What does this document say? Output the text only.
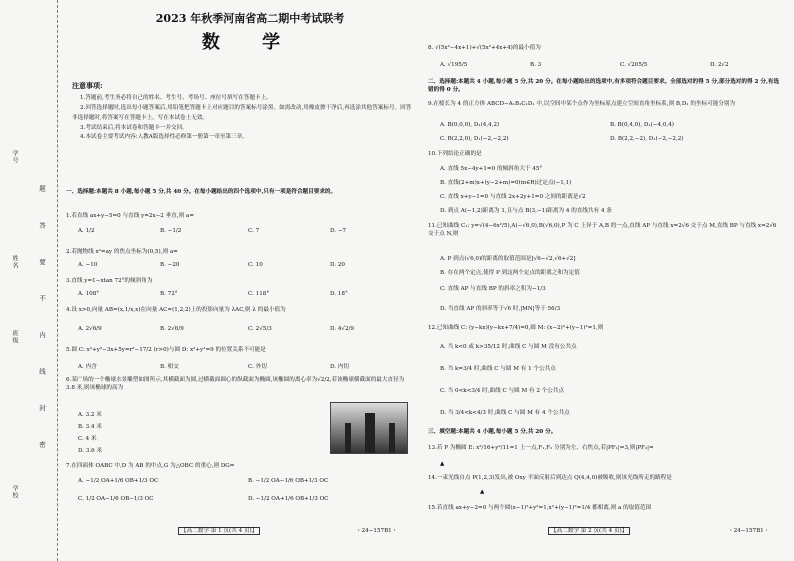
学号
姓名
班级
学校
题 答 要 不 内 线 封 密
2023 年秋季河南省高二期中考试联考
数 学
注意事项:

1.答题前,考生务必将自己的姓名、考生号、考场号、座位号填写在答题卡上。

2.回答选择题时,选出每小题答案后,用铅笔把答题卡上对应题目的答案标号涂黑。如需改动,用橡皮擦干净后,再选涂其他答案标号。回答非选择题时,将答案写在答题卡上。写在本试卷上无效。

3.考试结束后,将本试卷和答题卡一并交回。

4.本试卷主要考试内容:人教A版选择性必修第一册第一章至第三章。

一、选择题:本题共 8 小题,每小题 5 分,共 40 分。在每小题给出的四个选项中,只有一项是符合题目要求的。
1.若直线 ax+y−5=0 与直线 y=2x−2 垂直,则 a=
A. 1/2	B. −1/2	C. 7	D. −7
2.若抛物线 x²=ay 的焦点坐标为(0,5),则 a=
A. −10	B. −20	C. 10	D. 20
3.直线 y=1−xtan 72°的倾斜角为
A. 108°	B. 72°	C. 118°	D. 18°
4.设 x>0,向量 AB=(x,1/x,x)在向量 AC=(1,2,2)上的投影向量为 λAC,则 λ 的最小值为
A. 2√6/9	B. 2√6/9	C. 2√5/3	D. 4√2/9
5.圆 C: x²+y²−3x+5y=r²−17/2 (r>0)与圆 D: x²+y²=9 的位置关系不可能是
A. 内含	B. 相交	C. 外切	D. 内切
6.某广场的一个椭球水景雕塑如图所示,其横截面为圆,过横截面圆心的纵截面为椭圆,该椭圆的离心率为√2/2,若该椭球横截面的最大直径为 3.8 米,则该椭球的高为
A. 3.2 米
B. 3.4 米
C. 4 米
D. 3.6 米
7.在四面体 OABC 中,D 为 AB 的中点,G 为△OBC 的重心,则 DG=
A. −1/2 OA+1/6 OB+1/3 OC	B. −1/2 OA−1/6 OB+1/3 OC
C. 1/2 OA−1/6 OB−1/3 OC	D. −1/2 OA+1/6 OB+1/3 OC
【高二数学 第 1 页(共 4 页)】	・24−157B1・
8. √(5x²−4x+1)+√(5x²+4x+4)的最小值为
A. √195/5	B. 3	C. √205/5	D. 2√2
二、选择题:本题共 4 小题,每小题 5 分,共 20 分。在每小题给出的选项中,有多项符合题目要求。全部选对的得 5 分,部分选对的得 2 分,有选错的得 0 分。
9.在棱长为 4 的正方体 ABCD−A₁B₁C₁D₁ 中,以空间中某个点作为坐标原点建立空间直角坐标系,则 B,D₁ 的坐标可能分别为
A. B(0,0,0), D₁(4,4,2)	B. B(0,4,0), D₁(−4,0,4)
C. B(2,2,0), D₁(−2,−2,2)	D. B(2,2,−2), D₁(−2,−2,2)
10.下列结论正确的是
A. 直线 5x−4y+1=0 的倾斜角大于 45°
B. 直线(2+m)x+(y−2+m)=0(m∈R)过定点(−1,1)
C. 直线 x+y−1=0 与直线 2x+2y+1=0 之间的距离是√2
D. 到点 A(−1,2)距离为 1,且与点 B(3,−1)距离为 4 的直线共有 4 条
11.已知曲线 C₁: y=√(4−6x²/5),A(−√6,0),B(√6,0),P 为 C 上异于 A,B 的一点,直线 AP 与直线 x=2√6 交于点 M,直线 BP 与直线 x=2√6 交于点 N,则
A. P 到点(√6,0)的距离的取值范围是[√6−√2,√6+√2]
B. 存在两个定点,使得 P 到这两个定点的距离之和为定值
C. 直线 AP 与直线 BP 的斜率之积为−1/3
D. 当直线 AP 的斜率等于√6 时,|MN|等于 56/3
12.已知曲线 C: (y−kx)(y−kx+7/4)=0,圆 M: (x−2)²+(y−1)²=1,则
A. 当 k<0 或 k>35/12 时,曲线 C 与圆 M 没有公共点
B. 当 k=3/4 时,曲线 C 与圆 M 有 1 个公共点
C. 当 0<k<3/4 时,曲线 C 与圆 M 有 2 个公共点
D. 当 3/4<k<4/3 时,曲线 C 与圆 M 有 4 个公共点
三、填空题:本题共 4 小题,每小题 5 分,共 20 分。
13.若 P 为椭圆 E: x²/16+y²/11=1 上一点,F₁,F₂ 分别为左、右焦点,若|PF₁|=3,则|PF₂|=
▲
14.一束光线自点 P(1,2,3)发出,被 Oxy 平面反射后到达点 Q(4,4,0)被吸收,则该光线所走的路程是
▲
15.若直线 ax+y−2=0 与两个圆(x−1)²+y²=1,x²+(y−1)²=1/4 都相离,则 a 的取值范围
【高二数学 第 2 页(共 4 页)】	・24−157B1・
